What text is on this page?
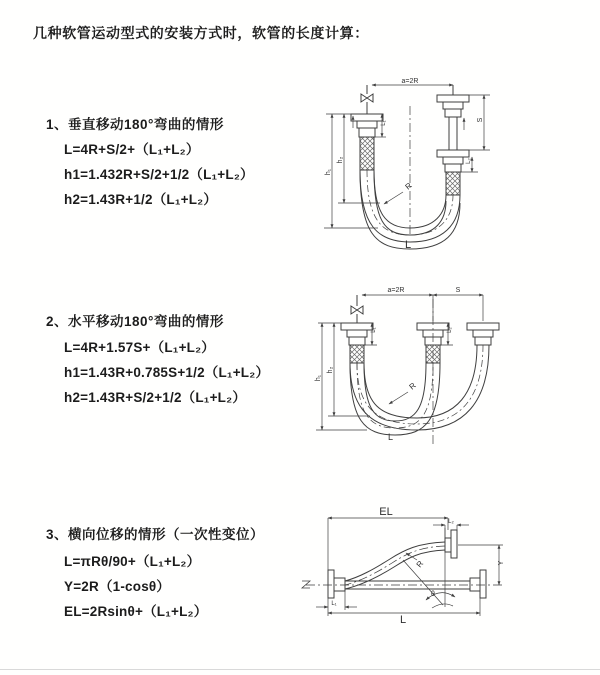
几种软管运动型式的安装方式时，软管的长度计算：
1、垂直移动180°弯曲的情形
L=4R+S/2+（L₁+L₂）
h1=1.432R+S/2+1/2（L₁+L₂）
h2=1.43R+1/2（L₁+L₂）
a=2R
h₁
h₂
L₁
S
L₂
R
L
2、水平移动180°弯曲的情形
L=4R+1.57S+（L₁+L₂）
h1=1.43R+0.785S+1/2（L₁+L₂）
h2=1.43R+S/2+1/2（L₁+L₂）
a=2R	S
h₁
h₂
L₁	L₂
R
L
3、横向位移的情形（一次性变位）
L=πRθ/90+（L₁+L₂）
Y=2R（1-cosθ）
EL=2Rsinθ+（L₁+L₂）
EL
L₂
Y
R
θ
L
L₁
